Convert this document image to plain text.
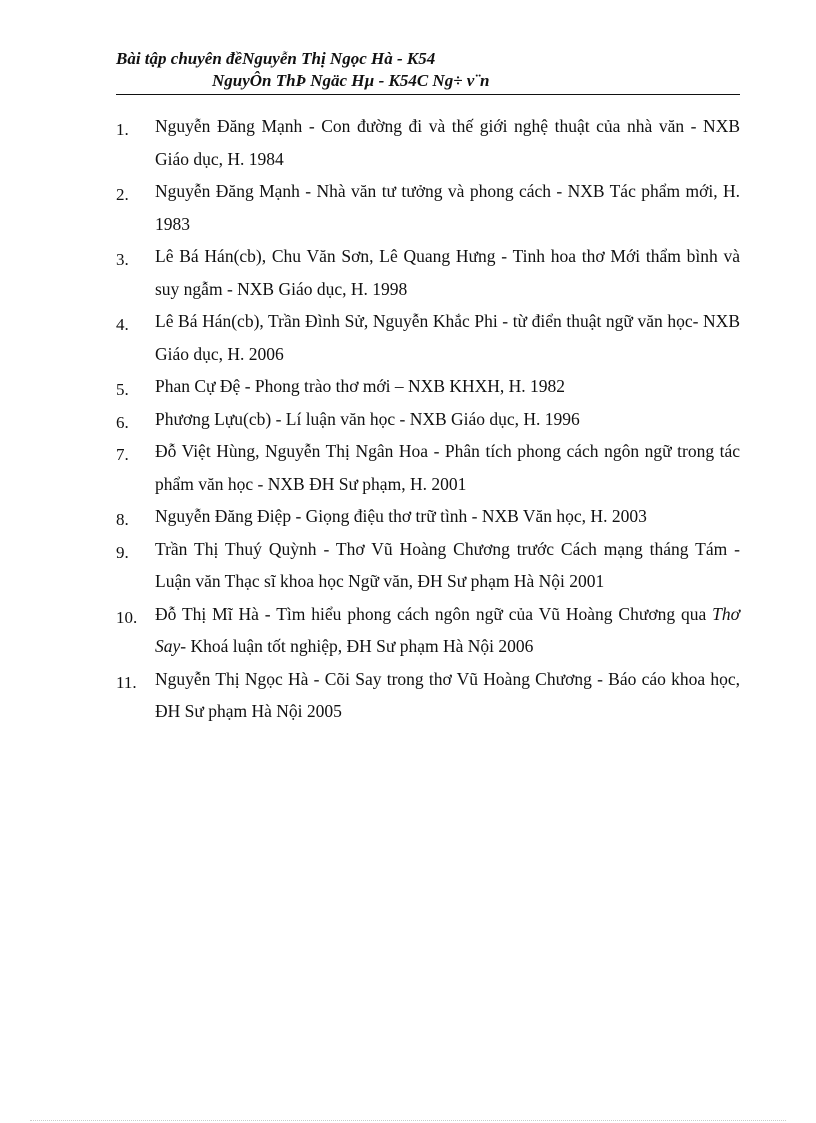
Bài tập chuyên đềNguyễn Thị Ngọc Hà - K54
NguyÔn ThÞ Ngäc Hµ - K54C Ng÷ v¨n
1. Nguyễn Đăng Mạnh - Con đường đi và thế giới nghệ thuật của nhà văn - NXB Giáo dục, H. 1984
2. Nguyễn Đăng Mạnh - Nhà văn tư tưởng và phong cách - NXB Tác phẩm mới, H. 1983
3. Lê Bá Hán(cb), Chu Văn Sơn, Lê Quang Hưng - Tinh hoa thơ Mới thẩm bình và suy ngẫm - NXB Giáo dục, H. 1998
4. Lê Bá Hán(cb), Trần Đình Sử, Nguyễn Khắc Phi - từ điển thuật ngữ văn học- NXB Giáo dục, H. 2006
5. Phan Cự Đệ - Phong trào thơ mới – NXB KHXH, H. 1982
6. Phương Lựu(cb) - Lí luận văn học - NXB Giáo dục, H. 1996
7. Đỗ Việt Hùng, Nguyễn Thị Ngân Hoa - Phân tích phong cách ngôn ngữ trong tác phẩm văn học - NXB ĐH Sư phạm, H. 2001
8. Nguyễn Đăng Điệp - Giọng điệu thơ trữ tình - NXB Văn học, H. 2003
9. Trần Thị Thuý Quỳnh - Thơ Vũ Hoàng Chương trước Cách mạng tháng Tám - Luận văn Thạc sĩ khoa học Ngữ văn, ĐH Sư phạm Hà Nội 2001
10. Đỗ Thị Mĩ Hà - Tìm hiểu phong cách ngôn ngữ của Vũ Hoàng Chương qua Thơ Say- Khoá luận tốt nghiệp, ĐH Sư phạm Hà Nội 2006
11. Nguyễn Thị Ngọc Hà - Cõi Say trong thơ Vũ Hoàng Chương - Báo cáo khoa học, ĐH Sư phạm Hà Nội 2005
